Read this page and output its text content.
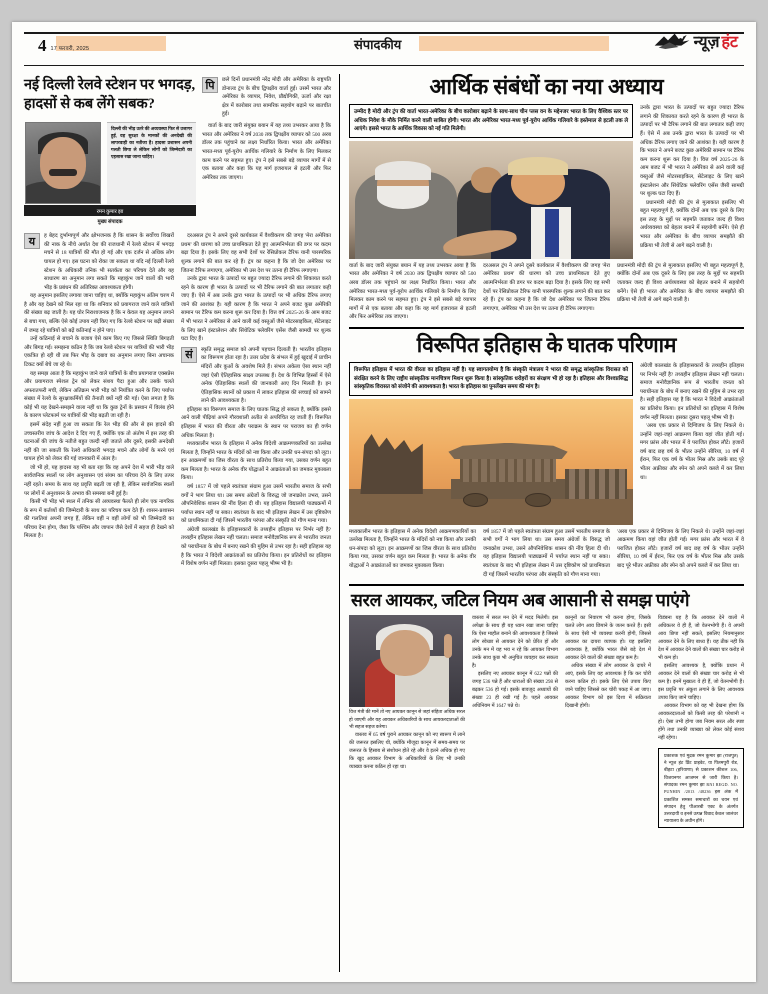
4 17 फरवरी, 2025	संपादकीय	न्यूज़ हंट
नई दिल्ली रेलवे स्टेशन पर भगदड़, हादसों से कब लेंगे सबक?
पि	छले दिनों प्रधानमंत्री नरेंद्र मोदी और अमेरिका के राष्ट्रपति डोनाल्ड ट्रंप के बीच द्विपक्षीय वार्ता हुई। उसमें भारत और अमेरिका के व्यापार, निवेश, प्रौद्योगिकी, ऊर्जा और रक्षा क्षेत्र में कारोबार तथा सामरिक सहयोग बढ़ाने पर बातचीत हुई।
दिल्ली की भीड़ उतरे की अव्यवस्था फिर से उजागर हुई, वह सुरक्षा के मानकों की अनदेखी की लापरवाही का नतीजा है। हादसा प्रशासन अपनी गलती छिपा ले लेकिन लोगों को जिम्मेदारी का एहसास रखा जाना चाहिए।
रमन कुमार झा
मुख्य संपादक
वार्ता के बाद जारी संयुक्त बयान में यह तथ्य उभरकर आया है कि भारत और अमेरिका ने वर्ष 2030 तक द्विपक्षीय व्यापार को 500 अरब डॉलर तक पहुंचाने का लक्ष्य निर्धारित किया। भारत और अमेरिका भारत-मध्य पूर्व-यूरोप आर्थिक गलियारे के निर्माण के लिए मिलकर काम करने पर सहमत हुए। ट्रंप ने इसे सबसे बड़े व्यापार मार्गों में से एक बताया और कहा कि यह मार्ग इजरायल से इटली और फिर अमेरिका तक जाएगा।
य	ह बेहद दुर्भाग्यपूर्ण और क्षोभजनक है कि शासन के सर्वोच्च शिखरों की नाक के नीचे अर्थात देश की राजधानी में रेलवे स्टेशन में भगदड़ मचने से 18 यात्रियों की मौत हो गई और एक दर्जन से अधिक लोग घायल हो गए। इस घटना को रोका जा सकता था यदि नई दिल्ली रेलवे स्टेशन के अधिकारी तनिक भी सतर्कता का परिचय देते और यह साधारण सा अनुमान लगा सकते कि महाकुंभ जाने वालों की भारी भीड़ के प्रबंधन की अतिरिक्त आवश्यकता होगी।
यह अनुमान इसलिए लगाया जाना चाहिए था, क्योंकि महाकुंभ अंतिम चरण में है और यह देखने को मिल रहा था कि शनिवार को प्रयागराज जाने वाले यात्रियों की संख्या बढ़ जाती है। यह घोर निराशाजनक है कि न केवल यह अनुमान लगाने से बचा गया, बल्कि ऐसे कोई उपाय नहीं किए गए कि रेलवे स्टेशन पर बढ़ी संख्या में जमड़ रहे यात्रियों को बढ़ें कतिनाई न होने पाए।
उन्हें कठिनाई से बचाने के बजाय ऐसे काम किए गए जिससे स्थिति बिगड़ती और बिगड़ गई। समझना कठिन है कि जब रेलवे स्टेशन पर यात्रियों की भारी भीड़ एकत्रित हो रही थी तब फिर भीड़ के दबाव का अनुमान लगाए बिना अचानक टिकट क्यों बेचे जा रहे थे।
यह समझ आता है कि महाकुंभ जाने वाले यात्रियों के बीच प्रयागराज एक्सप्रेस और प्रयागराज स्पेशल ट्रेन को लेकर संशय पैदा हुआ और उसके चलते अफरातफरी मची, लेकिन अतिक्रम भारी भीड़ को नियंत्रित करने के लिए पर्याप्त संख्या में रेलवे के सुरक्षाकर्मियों की तैनाती क्यों नहीं की गई। ऐसा लगता है कि कोई भी यह देखने-समझने वाला नहीं था कि कुछ ट्रेनों के प्रस्थान में विलंब होने के कारण प्लेटफार्म पर यात्रियों की भीड़ बढ़ती जा रही है।
इसमें संदेह नहीं हुआ जा सकता कि रेल भीड़ की और से इस हादसे की उच्चस्तरीय जांच के आदेश दे दिए गए हैं, क्योंकि एक तो अंतोष में इस तरह की घटनाओं की जांच के नतीजे बहुत जल्दी नहीं जताते और दूसरे, इसकी अनदेखी नहीं की जा सकती कि रेलवे अधिकारी भगदड़ मचने और लोगों के मरने एवं घायल होने को लेकर की गई जानकारी में अंतर है।
जो भी हो, यह हादसा यह भी बता रहा कि वह अपने देश में भारी भीड़ वाले सार्वजनिक स्थलों पर लोग अनुशासन एवं संयम का परिचय देने के लिए तत्पर नहीं रहते। समय के साथ यह प्रवृत्ति बढ़ती जा रही है, लेकिन सार्वजनिक स्थलों पर लोगों में अनुशासन के अभाव की समस्या बनी हुई है।
किसी भी भीड़ भरे स्थल में तनिक सी अव्यवस्था फैलते ही लोग एक नागरिक के रूप में कर्तव्यों की जिम्मेदारी के साथ का परिचय कम देते हैं। शासन-प्रशासन की गलतियां अपनी जगह हैं, लेकिन वहीं न वहीं लोगों को भी जिम्मेदारी का परिचय देना होगा, जैसा कि पश्चिम और जापान जैसे देशों में सहज ही देखने को मिलता है।
दरअसल ट्रंप ने अपने दूसरे कार्यकाल में वैश्वीकरण की जगह 'मेरा अमेरिका प्रथम' की धारणा को उच्च प्राथमिकता देते हुए आत्मनिर्भरता की डगर पर कदम बढ़ा दिया है। इसके लिए वह सभी देशों पर रेसिप्रोकल टैरिफ यानी पारस्परिक शुल्क लगाने की बात कर रहे हैं। ट्रंप का कहना है कि जो देश अमेरिका पर जितना टैरिफ लगाएगा, अमेरिका भी उस देश पर उतना ही टैरिफ लगाएगा।
उनके द्वारा भारत के उत्पादों पर बहुत ज्यादा टैरिफ लगाने की शिकायत करते रहने के कारण ही भारत के उत्पादों पर भी टैरिफ लगाने की बात लगातार कही जाए हैं। ऐसे में अब उनके द्वारा भारत के उत्पादों पर भी अधिक टैरिफ लगाए जाने की आशंका है। यही कारण है कि भारत ने अपने बजट कुछ अमेरिकी सामान पर टैरिफ कम करना शुरू कर दिया है। वित्त वर्ष 2025-26 के आम बजट में भी भारत ने अमेरिका से आने वाली कई वस्तुओं जैसे मोटरसाइकिल, सेटेलाइट के लिए खाने इंस्टालेशन और सिंथेटिक फ्लेवरिंग एसेंस जैसी सामग्री पर शुल्क घटा दिए हैं।
सं	स्कृति समृद्ध समाज को अपनी पहचान दिलाती है। भारतीय इतिहास का विरूपण होता रहा है। उत्तर प्रदेश के संभल में हुई खुदाई में प्राचीन मंदिरों और कुओं के अवशेष मिले हैं। संभल अकेला ऐसा स्थान नहीं जहां ऐसी ऐतिहासिक साक्ष्य उपलब्ध हैं। देश के विभिन्न हिस्सों में ऐसे अनेक ऐतिहासिक स्थलों की जानकारी आए दिन मिलती है। इन ऐतिहासिक स्थानों को प्रकाश में लाकर इतिहास की सच्चाई को सामने लाने की आवश्यकता है।
इतिहास का विरूपण समाज के लिए घातक सिद्ध हो सकता है, क्योंकि इससे आने वाली पीढ़ियां अपने गौरवशाली अतीत से अपरिचित रह जाती हैं। विरूपित इतिहास में भारत की वीरता और पराक्रम के स्थान पर पराजय का ही वर्णन अधिक मिलता है।
मध्यकालीन भारत के इतिहास में अनेक विदेशी आक्रमणकारियों का उल्लेख मिलता है, जिन्होंने भारत के मंदिरों को नष्ट किया और उनकी धन-संपदा को लूटा। इन आक्रमणों का जिस वीरता के साथ प्रतिरोध किया गया, उसका वर्णन बहुत कम मिलता है। भारत के अनेक वीर योद्धाओं ने आक्रांताओं का जमकर मुकाबला किया।
वर्ष 1857 में जो पहले स्वतंत्रता संग्राम हुआ उसमें भारतीय समाज के सभी वर्गों ने भाग लिया था। उस समय अंग्रेजों के विरुद्ध जो जनाक्रोश उभरा, उसने औपनिवेशिक शासन की नींव हिला दी थी। यह इतिहास विद्यालयी पाठ्यक्रमों में पर्याप्त स्थान नहीं पा सका। स्वतंत्रता के बाद भी इतिहास लेखन में उस दृष्टिकोण को प्राथमिकता दी गई जिसमें भारतीय परंपरा और संस्कृति को गौण माना गया।
अंग्रेजी कालखंड के इतिहासकारों के तथ्यहीन इतिहास पर निर्भर नहीं है? तथ्यहीन इतिहास लेखन नहीं चलता। समाज मनोवैज्ञानिक रूप से भारतीय जनता को पराधीनता के बोध में बनाए रखने की मुहिम से उभर रहा है। सही इतिहास यह है कि भारत ने विदेशी आक्रांताओं का प्रतिरोध किया। इन प्रतिरोधों का इतिहास में विशेष वर्णन नहीं मिलता। इसका दूसरा पहलू भीष्म भी है।
आर्थिक संबंधों का नया अध्याय
उम्मीद है मोदी और ट्रंप की वार्ता भारत-अमेरिका के बीच कारोबार बढ़ाने के साथ-साथ चीन प्लस वन के मद्देनजर भारत के लिए वैश्विक स्तर पर अधिक निवेश के मौके निर्मित करने वाली साबित होगी। भारत और अमेरिका भारत-मध्य पूर्व-यूरोप आर्थिक गलियारे के इस्तेमाल से इटली तक ले आएंगे। इससे भारत के आर्थिक विकास को नई गति मिलेगी।
उनके द्वारा भारत के उत्पादों पर बहुत ज्यादा टैरिफ लगाने की शिकायत करते रहने के कारण ही भारत के उत्पादों पर भी टैरिफ लगाने की बात लगातार कही जाए हैं। ऐसे में अब उनके द्वारा भारत के उत्पादों पर भी अधिक टैरिफ लगाए जाने की आशंका है। यही कारण है कि भारत ने अपने बजट कुछ अमेरिकी सामान पर टैरिफ कम करना शुरू कर दिया है। वित्त वर्ष 2025-26 के आम बजट में भी भारत ने अमेरिका से आने वाली कई वस्तुओं जैसे मोटरसाइकिल, सेटेलाइट के लिए खाने इंस्टालेशन और सिंथेटिक फ्लेवरिंग एसेंस जैसी सामग्री पर शुल्क घटा दिए हैं।
प्रधानमंत्री मोदी की ट्रंप से मुलाकात इसलिए भी बहुत महत्वपूर्ण है, क्योंकि दोनों अब एक दूसरे के लिए इस तरह के मुद्दों पर सहमति जताकर जल्द ही विश्व अर्थव्यवस्था को बेहतर बनाने में सहयोगी बनेंगे। ऐसे ही भारत और अमेरिका के बीच व्यापार समझौते की प्रक्रिया भी तेजी से आगे बढ़ने वाली है।
वार्ता के बाद जारी संयुक्त बयान में यह तथ्य उभरकर आया है कि भारत और अमेरिका ने वर्ष 2030 तक द्विपक्षीय व्यापार को 500 अरब डॉलर तक पहुंचाने का लक्ष्य निर्धारित किया। भारत और अमेरिका भारत-मध्य पूर्व-यूरोप आर्थिक गलियारे के निर्माण के लिए मिलकर काम करने पर सहमत हुए। ट्रंप ने इसे सबसे बड़े व्यापार मार्गों में से एक बताया और कहा कि यह मार्ग इजरायल से इटली और फिर अमेरिका तक जाएगा।
दरअसल ट्रंप ने अपने दूसरे कार्यकाल में वैश्वीकरण की जगह 'मेरा अमेरिका प्रथम' की धारणा को उच्च प्राथमिकता देते हुए आत्मनिर्भरता की डगर पर कदम बढ़ा दिया है। इसके लिए वह सभी देशों पर रेसिप्रोकल टैरिफ यानी पारस्परिक शुल्क लगाने की बात कर रहे हैं। ट्रंप का कहना है कि जो देश अमेरिका पर जितना टैरिफ लगाएगा, अमेरिका भी उस देश पर उतना ही टैरिफ लगाएगा।
प्रधानमंत्री मोदी की ट्रंप से मुलाकात इसलिए भी बहुत महत्वपूर्ण है, क्योंकि दोनों अब एक दूसरे के लिए इस तरह के मुद्दों पर सहमति जताकर जल्द ही विश्व अर्थव्यवस्था को बेहतर बनाने में सहयोगी बनेंगे। ऐसे ही भारत और अमेरिका के बीच व्यापार समझौते की प्रक्रिया भी तेजी से आगे बढ़ने वाली है।
विरूपित इतिहास के घातक परिणाम
विरूपित इतिहास में भारत की वीरता का इतिहास नहीं है। यह स्वागतयोग्य है कि संस्कृति मंत्रालय ने भारत की समृद्ध सांस्कृतिक विरासत को संरक्षित करने के लिए राष्ट्रीय सांस्कृतिक मानचित्रण मिशन शुरू किया है। सांस्कृतिक धरोहरों का संरक्षण भी हो रहा है। इतिहास और विश्वप्रसिद्ध सांस्कृतिक विरासत को संजोने की आवश्यकता है। भारत के इतिहास का पुनर्लेखन समय की मांग है।
अंग्रेजी कालखंड के इतिहासकारों के तथ्यहीन इतिहास पर निर्भर नहीं है? तथ्यहीन इतिहास लेखन नहीं चलता। समाज मनोवैज्ञानिक रूप से भारतीय जनता को पराधीनता के बोध में बनाए रखने की मुहिम से उभर रहा है। सही इतिहास यह है कि भारत ने विदेशी आक्रांताओं का प्रतिरोध किया। इन प्रतिरोधों का इतिहास में विशेष वर्णन नहीं मिलता। इसका दूसरा पहलू भीष्म भी है।
'अरब एक प्रकार से दिग्विजय के लिए निकले थे। उन्होंने जहां-जहां आक्रमण किया वहां जीत होती गई। मगर फ्रांस और भारत में वे पराजित होकर लौटे। हजारों वर्ष बाद छह वर्ष के भीतर उन्होंने सीरिया, 10 वर्ष में ईरान, फिर एक वर्ष के भीतर मिस्र और उसके बाद पूरे भीतर अफ्रीका और स्पेन को अपने कब्जे में कर लिया था।
मध्यकालीन भारत के इतिहास में अनेक विदेशी आक्रमणकारियों का उल्लेख मिलता है, जिन्होंने भारत के मंदिरों को नष्ट किया और उनकी धन-संपदा को लूटा। इन आक्रमणों का जिस वीरता के साथ प्रतिरोध किया गया, उसका वर्णन बहुत कम मिलता है। भारत के अनेक वीर योद्धाओं ने आक्रांताओं का जमकर मुकाबला किया।
वर्ष 1857 में जो पहले स्वतंत्रता संग्राम हुआ उसमें भारतीय समाज के सभी वर्गों ने भाग लिया था। उस समय अंग्रेजों के विरुद्ध जो जनाक्रोश उभरा, उसने औपनिवेशिक शासन की नींव हिला दी थी। यह इतिहास विद्यालयी पाठ्यक्रमों में पर्याप्त स्थान नहीं पा सका। स्वतंत्रता के बाद भी इतिहास लेखन में उस दृष्टिकोण को प्राथमिकता दी गई जिसमें भारतीय परंपरा और संस्कृति को गौण माना गया।
'अरब एक प्रकार से दिग्विजय के लिए निकले थे। उन्होंने जहां-जहां आक्रमण किया वहां जीत होती गई। मगर फ्रांस और भारत में वे पराजित होकर लौटे। हजारों वर्ष बाद छह वर्ष के भीतर उन्होंने सीरिया, 10 वर्ष में ईरान, फिर एक वर्ष के भीतर मिस्र और उसके बाद पूरे भीतर अफ्रीका और स्पेन को अपने कब्जे में कर लिया था।
सरल आयकर, जटिल नियम अब आसानी से समझ पाएंगे
वित्त मंत्री की मानें तो नए आयकर कानून से जहां संहिता अधिक सरल हो जाएगी और यह आयकर अधिकारियों के साथ आयकरदाताओं की भी सहज सहज करेगा।
वास्तव में 65 वर्ष पुराने आयकर कानून को नए स्वरूप में लाने की जरूरत इसलिए थी, क्योंकि मौजूदा कानून में समय-समय पर जरूरत के हिसाब से संशोधन होते रहे और वे इतने अधिक हो गए कि खुद आयकर विभाग के अधिकारियों के लिए भी उनकी व्याख्या करना कठिन हो रहा था।
वास्तव में सरल मन देने में मदद मिलेगी। इस अपेक्षा के साथ ही यह ध्यान रखा जाना चाहिए कि ऐसा माहौल बनाने की आवश्यकता है जिससे लोग स्वेच्छा से आयकर देने को प्रेरित हों और उनके मन में यह भय न रहे कि आयकर विभाग उनके साथ कुछ भी अनुचित व्यवहार कर सकता है।
इसलिए नए आयकर कानून में 622 पन्नों की जगह 536 पन्ने हैं और धाराओं की संख्या 298 से बढ़कर 536 हो गई। इसके बावजूद अध्यायों की संख्या 23 ही रखी गई है। पहले आयकर अधिनियम में 1647 पन्ने थे।
कानूनों का निवारण भी करना होगा, जिसके चलते लोग आय छिपाने के जतन करते हैं। इसी के साथ ऐसी भी व्यवस्था करनी होगी, जिससे आयकर का दायरा व्यापक हो। यह इसलिए आवश्यक है, क्योंकि भारत जैसे बड़े देश में आयकर देने वालों की संख्या बहुत कम है।
अधिक संख्या में लोग आयकर के दायरे में आएं, इसके लिए यह आवश्यक है कि कर चोरी करना कठिन हो। इसके लिए ऐसे उपाय किए जाने चाहिए जिससे कर चोरी पकड़ में आ जाए। आयकर विभाग को इस दिशा में सक्रियता दिखानी होगी।
विडंबना यह है कि आयकर देने वालों में अधिकतर वे ही हैं, जो वेतनभोगी हैं। वे अपनी आय छिपा नहीं सकते, इसलिए नियमानुसार आयकर देने के लिए बाध्य हैं। यह ठीक नहीं कि देश में आयकर देने वालों की संख्या चार करोड़ से भी कम हो।
इसलिए आवश्यक है, क्योंकि प्रधान में आयकर देने वालों की संख्या चार करोड़ से भी कम है। इनमें मुख्यतः वे ही हैं, जो वेतनभोगी हैं। इस प्रवृत्ति पर अंकुश लगाने के लिए आवश्यक उपाय किए जाने चाहिए।
आयकर विभाग को यह भी देखना होगा कि आयकरदाताओं को किसी तरह की परेशानी न हो। ऐसा तभी होगा जब नियम सरल और स्पष्ट होंगे तथा उनकी व्याख्या को लेकर कोई संशय नहीं रहेगा।
प्रकाशक एवं मुद्रक रमन कुमार झा (राजपुत) ने न्यूज हंट प्रिंट प्राइवेट, या पितमपुरी रोड, बीहटा (हरियाणा) से प्रकाशन कीशल 106, विजयनगर आजमन से जारी किया है। संपादकः रमन कुमार झा RNI REGD. NO. PUNHIN /2013 /48236 इस अंक में प्रकाशित समस्त समाचारों का चयन एवं संपादन हेतु पीआरबी एक्ट के अंतर्गत उत्तरदायी व इनसे उत्पन्न विवाद केवल जालंधर न्यायालय के अधीन होंगे।
